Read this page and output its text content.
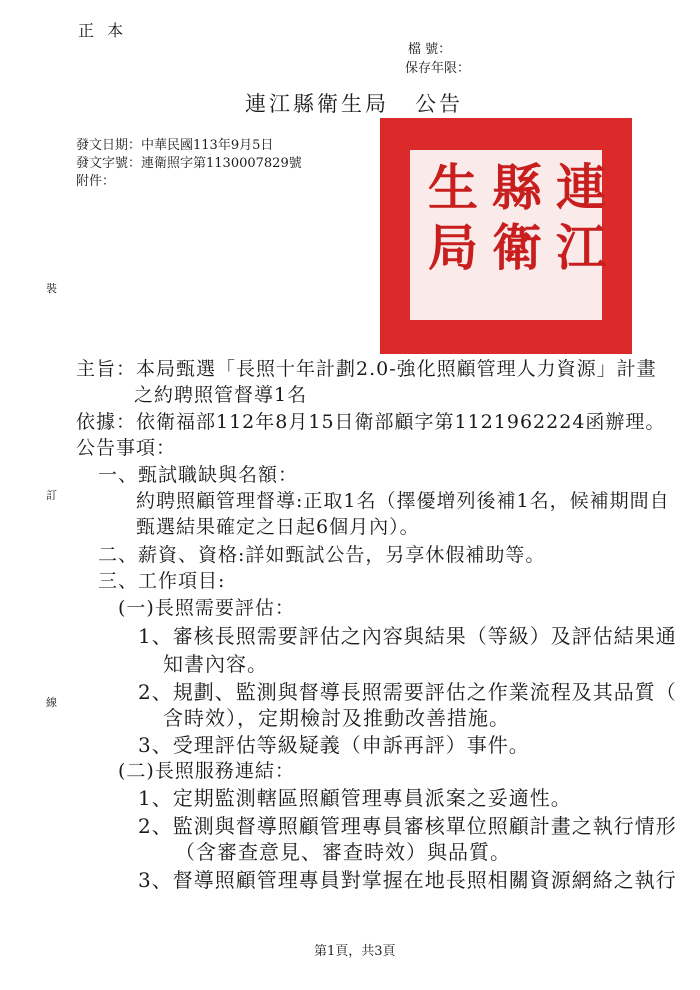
正 本
檔 號：
保存年限：
連江縣衛生局 公告
發文日期：中華民國113年9月5日
發文字號：連衛照字第1130007829號
附件：	連
江
縣
衛
生
局
裝
訂
線
主旨：本局甄選「長照十年計劃2.0-強化照顧管理人力資源」計畫
之約聘照管督導1名
依據：依衛福部112年8月15日衛部顧字第1121962224函辦理。
公告事項：
一、甄試職缺與名額：
約聘照顧管理督導:正取1名（擇優增列後補1名，候補期間自
甄選結果確定之日起6個月內）。
二、薪資、資格:詳如甄試公告，另享休假補助等。
三、工作項目:
(一)長照需要評估：
1、審核長照需要評估之內容與結果（等級）及評估結果通
知書內容。
2、規劃、監測與督導長照需要評估之作業流程及其品質（
含時效），定期檢討及推動改善措施。
3、受理評估等級疑義（申訴再評）事件。
(二)長照服務連結：
1、定期監測轄區照顧管理專員派案之妥適性。
2、監測與督導照顧管理專員審核單位照顧計畫之執行情形
（含審查意見、審查時效）與品質。
3、督導照顧管理專員對掌握在地長照相關資源網絡之執行
第1頁，共3頁
